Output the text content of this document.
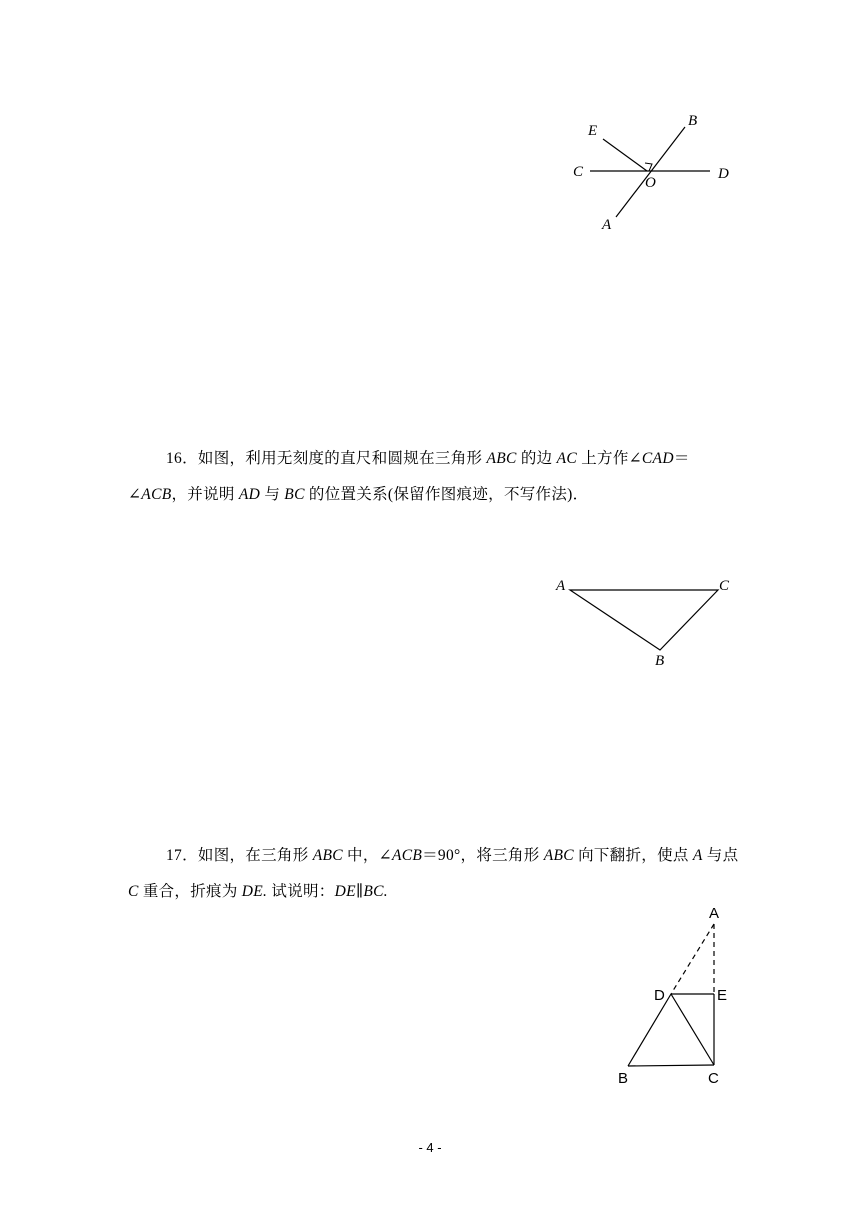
E
B
C
O
D
A
16．如图，利用无刻度的直尺和圆规在三角形 ABC 的边 AC 上方作∠CAD＝∠ACB，并说明 AD 与 BC 的位置关系(保留作图痕迹，不写作法)．
A	C
B
17．如图，在三角形 ABC 中，∠ACB＝90°，将三角形 ABC 向下翻折，使点 A 与点 C 重合，折痕为 DE. 试说明：DE∥BC.
A
D	E
B	C
- 4 -
